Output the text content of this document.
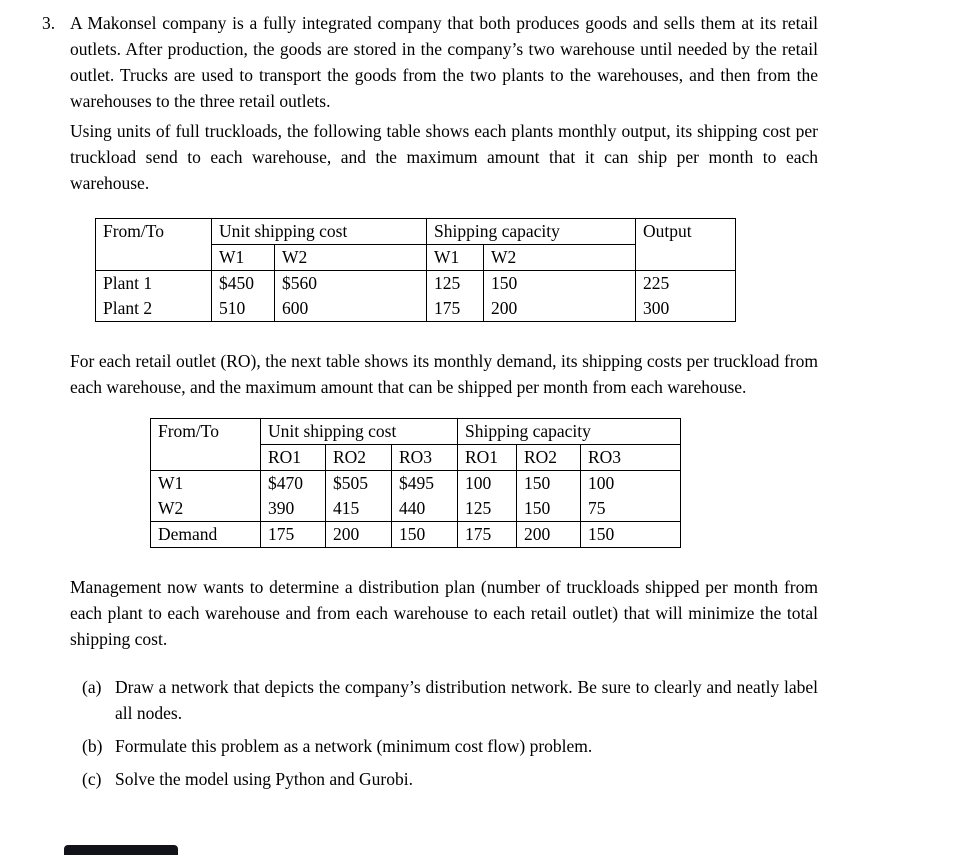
3. A Makonsel company is a fully integrated company that both produces goods and sells them at its retail outlets. After production, the goods are stored in the company’s two warehouse until needed by the retail outlet. Trucks are used to transport the goods from the two plants to the warehouses, and then from the warehouses to the three retail outlets.

Using units of full truckloads, the following table shows each plants monthly output, its shipping cost per truckload send to each warehouse, and the maximum amount that it can ship per month to each warehouse.

From/To	Unit shipping cost		Shipping capacity		Output
	W1	W2	W1	W2	
Plant 1	$450	$560	125	150	225
Plant 2	510	600	175	200	300

For each retail outlet (RO), the next table shows its monthly demand, its shipping costs per truckload from each warehouse, and the maximum amount that can be shipped per month from each warehouse.

From/To	Unit shipping cost			Shipping capacity		
	RO1	RO2	RO3	RO1	RO2	RO3
W1	$470	$505	$495	100	150	100
W2	390	415	440	125	150	75
Demand	175	200	150	175	200	150

Management now wants to determine a distribution plan (number of truckloads shipped per month from each plant to each warehouse and from each warehouse to each retail outlet) that will minimize the total shipping cost.

(a) Draw a network that depicts the company’s distribution network. Be sure to clearly and neatly label all nodes.
(b) Formulate this problem as a network (minimum cost flow) problem.
(c) Solve the model using Python and Gurobi.
